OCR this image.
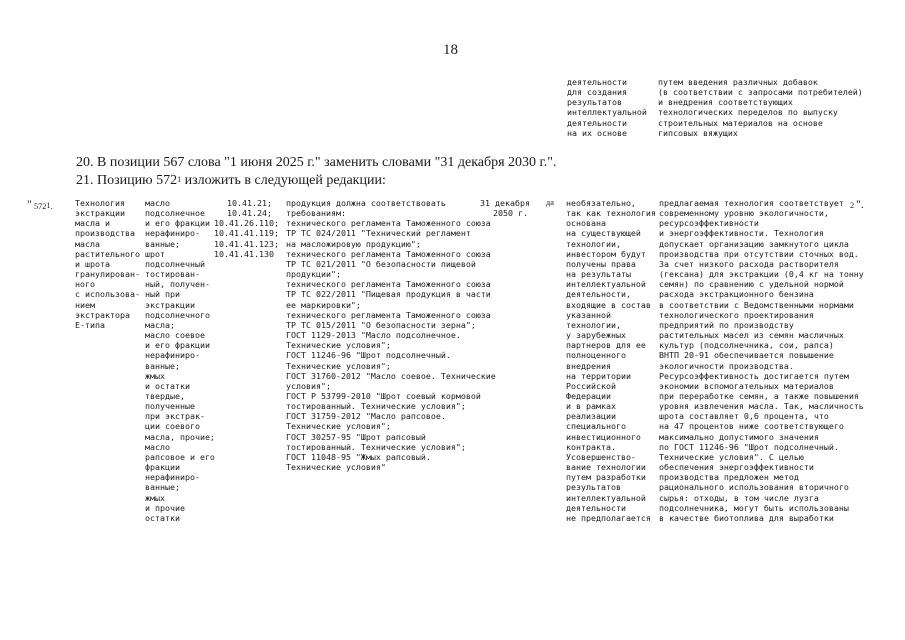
18
деятельности
для создания
результатов
интеллектуальной
деятельности
на их основе
путем введения различных добавок
(в соответствии с запросами потребителей)
и внедрения соответствующих
технологических переделов по выпуску
строительных материалов на основе
гипсовых вяжущих
20. В позиции 567 слова "1 июня 2025 г." заменить словами "31 декабря 2030 г.".
21. Позицию $572^1$ изложить в следующей редакции:
" $572^1$.	Технология
экстракции
масла и
производства
масла
растительного
и шрота
гранулирован-
ного
с использова-
нием
экстрактора
Е-типа
масло
подсолнечное
и его фракции
нерафиниро-
ванные;
шрот
подсолнечный
тостирован-
ный, получен-
ный при
экстракции
подсолнечного
масла;
масло соевое
и его фракции
нерафиниро-
ванные;
жмых
и остатки
твердые,
полученные
при экстрак-
ции соевого
масла, прочие;
масло
рапсовое и его
фракции
нерафиниро-
ванные;
жмых
и прочие
остатки
10.41.21;
10.41.24;
10.41.26.110;
10.41.41.119;
10.41.41.123;
10.41.41.130
продукция должна соответствовать
требованиям:
технического регламента Таможенного союза
ТР ТС 024/2011 "Технический регламент
на масложировую продукцию";
технического регламента Таможенного союза
ТР ТС 021/2011 "О безопасности пищевой
продукции";
технического регламента Таможенного союза
ТР ТС 022/2011 "Пищевая продукция в части
ее маркировки";
технического регламента Таможенного союза
ТР ТС 015/2011 "О безопасности зерна";
ГОСТ 1129-2013 "Масло подсолнечное.
Технические условия";
ГОСТ 11246-96 "Шрот подсолнечный.
Технические условия";
ГОСТ 31760-2012 "Масло соевое. Технические
условия";
ГОСТ Р 53799-2010 "Шрот соевый кормовой
тостированный. Технические условия";
ГОСТ 31759-2012 "Масло рапсовое.
Технические условия";
ГОСТ 30257-95 "Шрот рапсовый
тостированный. Технические условия";
ГОСТ 11048-95 "Жмых рапсовый.
Технические условия"
31 декабря
2050 г.
да необязательно,
так как технология
основана
на существующей
технологии,
инвестором будут
получены права
на результаты
интеллектуальной
деятельности,
входящие в состав
указанной
технологии,
у зарубежных
партнеров для ее
полноценного
внедрения
на территории
Российской
Федерации
и в рамках
реализации
специального
инвестиционного
контракта.
Усовершенство-
вание технологии
путем разработки
результатов
интеллектуальной
деятельности
не предполагается
предлагаемая технология соответствует
современному уровню экологичности,
ресурсоэффективности
и энергоэффективности. Технология
допускает организацию замкнутого цикла
производства при отсутствии сточных вод.
За счет низкого расхода растворителя
(гексана) для экстракции (0,4 кг на тонну
семян) по сравнению с удельной нормой
расхода экстракционного бензина
в соответствии с Ведомственными нормами
технологического проектирования
предприятий по производству
растительных масел из семян масличных
культур (подсолнечника, сои, рапса)
ВНТП 20-91 обеспечивается повышение
экологичности производства.
Ресурсоэффективность достигается путем
экономии вспомогательных материалов
при переработке семян, а также повышения
уровня извлечения масла. Так, масличность
шрота составляет 0,6 процента, что
на 47 процентов ниже соответствующего
максимально допустимого значения
по ГОСТ 11246-96 "Шрот подсолнечный.
Технические условия". С целью
обеспечения энергоэффективности
производства предложен метод
рационального использования вторичного
сырья: отходы, в том числе лузга
подсолнечника, могут быть использованы
в качестве биотоплива для выработки
2 ".
